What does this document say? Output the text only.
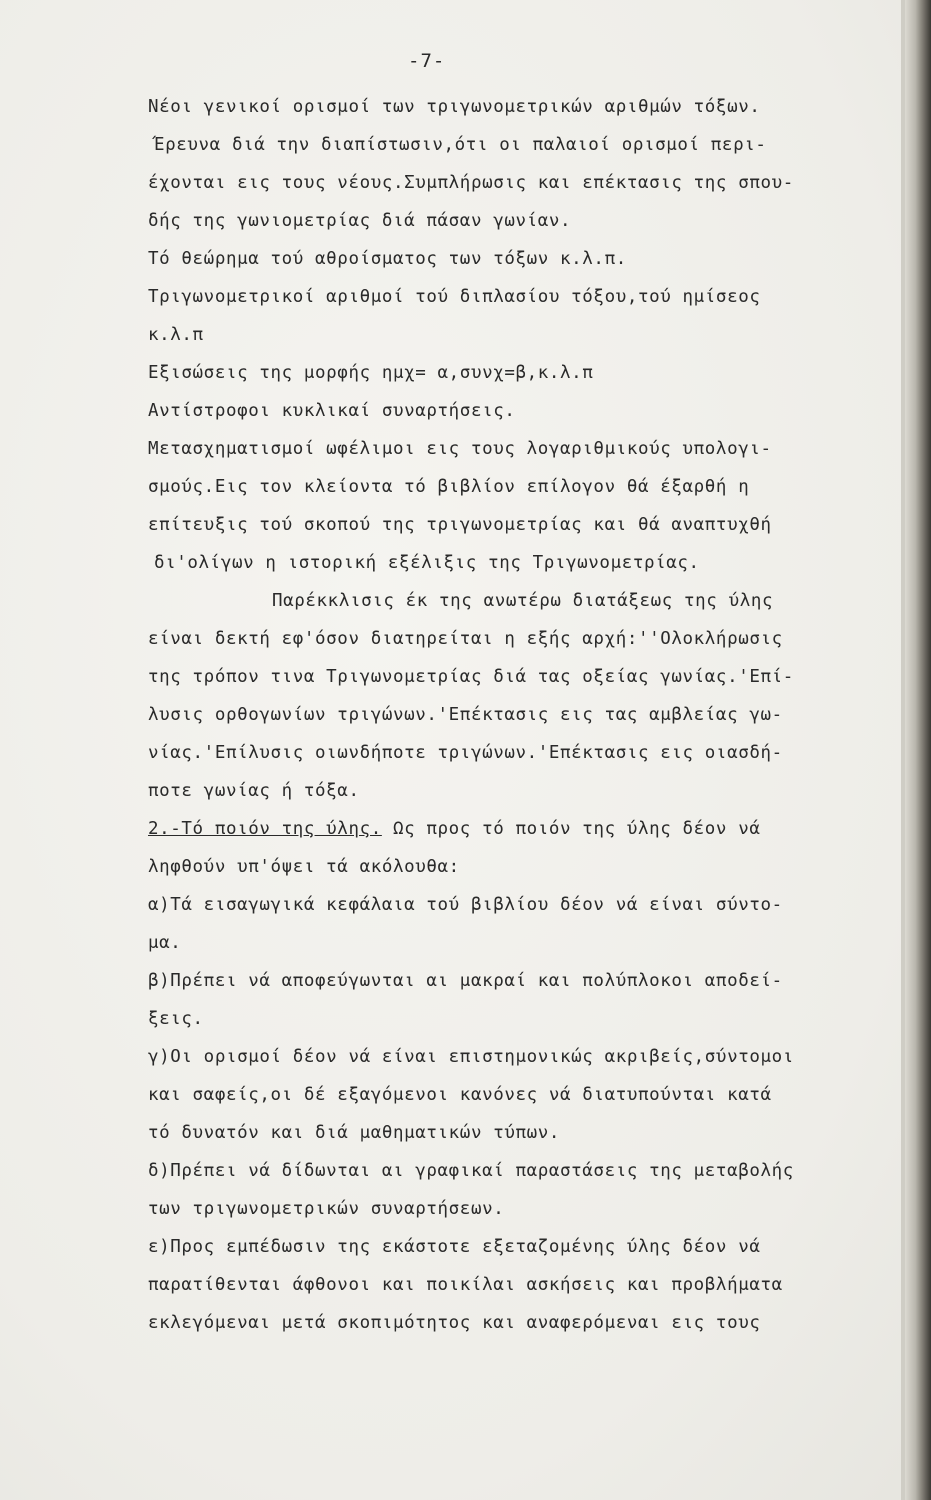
-7-
Νέοι γενικοί ορισμοί των τριγωνομετρικών αριθμών τόξων.
Έρευνα διά την διαπίστωσιν,ότι οι παλαιοί ορισμοί περι-
έχονται εις τους νέους.Συμπλήρωσις και επέκτασις της σπου-
δής της γωνιομετρίας διά πάσαν γωνίαν.
Τό θεώρημα τού αθροίσματος των τόξων κ.λ.π.
Τριγωνομετρικοί αριθμοί τού διπλασίου τόξου,τού ημίσεος
κ.λ.π
Εξισώσεις της μορφής ημχ= α,συνχ=β,κ.λ.π
Αντίστροφοι κυκλικαί συναρτήσεις.
Μετασχηματισμοί ωφέλιμοι εις τους λογαριθμικούς υπολογι-
σμούς.Εις τον κλείοντα τό βιβλίον επίλογον θά έξαρθή η
επίτευξις τού σκοπού της τριγωνομετρίας και θά αναπτυχθή
δι'ολίγων η ιστορική εξέλιξις της Τριγωνομετρίας.
Παρέκκλισις έκ της ανωτέρω διατάξεως της ύλης
είναι δεκτή εφ'όσον διατηρείται η εξής αρχή:''Ολοκλήρωσις
της τρόπον τινα Τριγωνομετρίας διά τας οξείας γωνίας.'Επί-
λυσις ορθογωνίων τριγώνων.'Επέκτασις εις τας αμβλείας γω-
νίας.'Επίλυσις οιωνδήποτε τριγώνων.'Επέκτασις εις οιασδή-
ποτε γωνίας ή τόξα.
2.-Τό ποιόν της ύλης. Ως προς τό ποιόν της ύλης δέον νά
ληφθούν υπ'όψει τά ακόλουθα:
α)Τά εισαγωγικά κεφάλαια τού βιβλίου δέον νά είναι σύντο-
μα.
β)Πρέπει νά αποφεύγωνται αι μακραί και πολύπλοκοι αποδεί-
ξεις.
γ)Οι ορισμοί δέον νά είναι επιστημονικώς ακριβείς,σύντομοι
και σαφείς,οι δέ εξαγόμενοι κανόνες νά διατυπούνται κατά
τό δυνατόν και διά μαθηματικών τύπων.
δ)Πρέπει νά δίδωνται αι γραφικαί παραστάσεις της μεταβολής
των τριγωνομετρικών συναρτήσεων.
ε)Προς εμπέδωσιν της εκάστοτε εξεταζομένης ύλης δέον νά
παρατίθενται άφθονοι και ποικίλαι ασκήσεις και προβλήματα
εκλεγόμεναι μετά σκοπιμότητος και αναφερόμεναι εις τους
